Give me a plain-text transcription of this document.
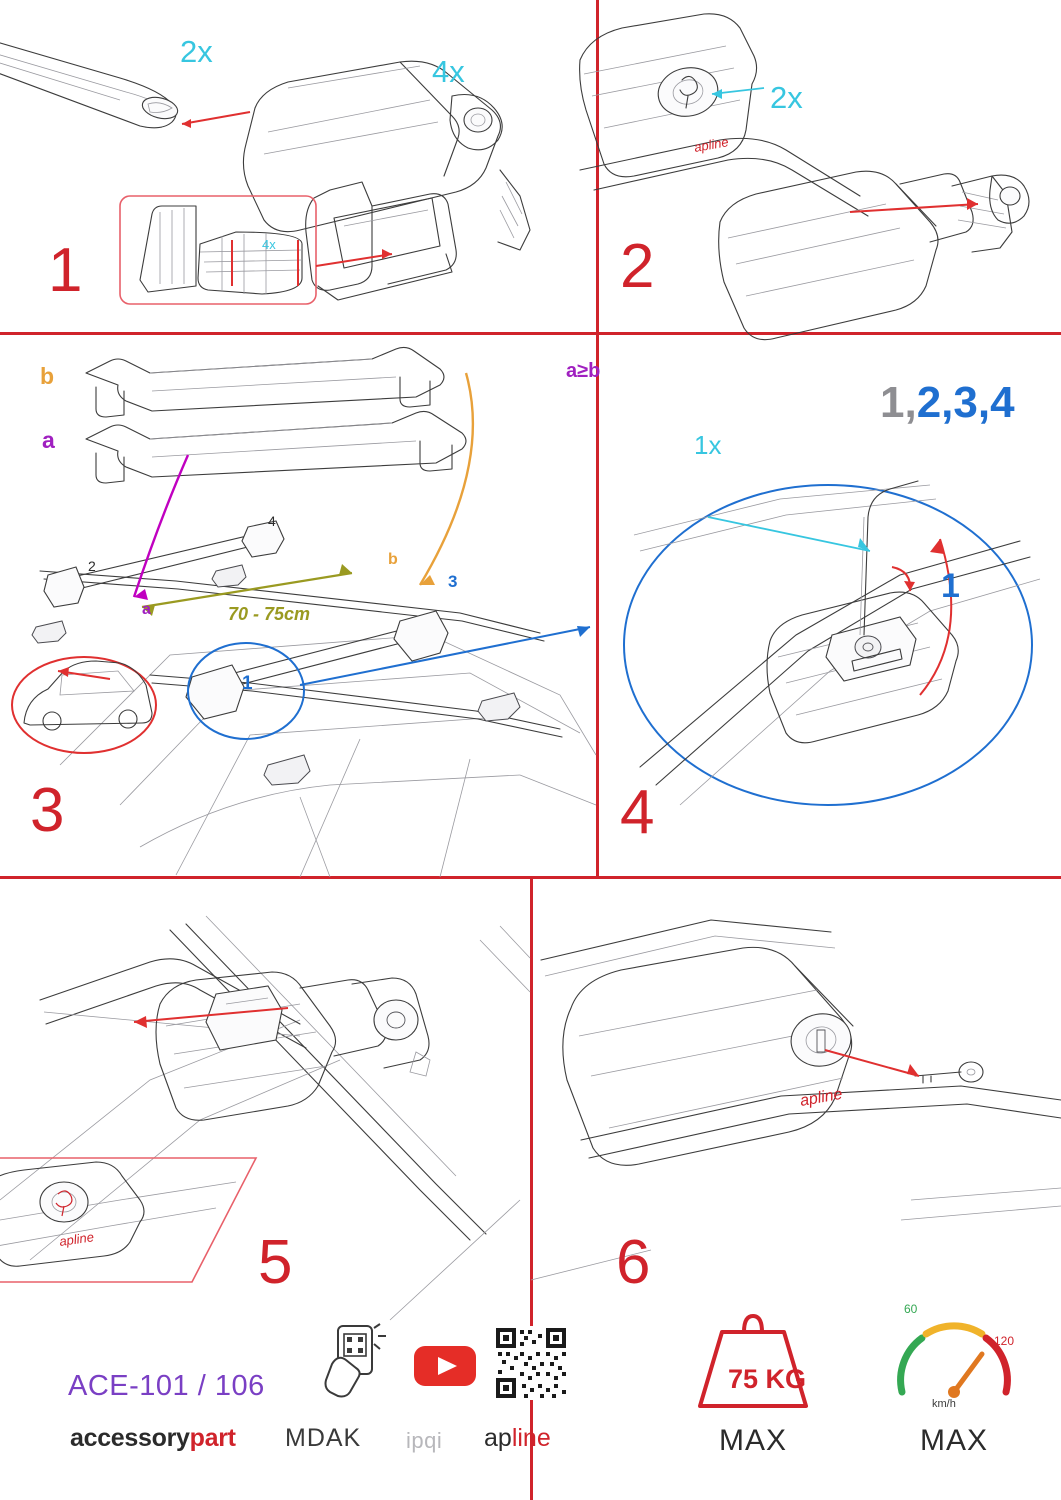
2x
4x
4x
1
apline
2x
2
b
a
a
b
70 - 75cm
1
2
3
4
3
a≥b
1x
1
1,2,3,4
4
apline	5
apline
6
ACE-101 / 106
accessorypart MDAK ipqi apline
75 KG
MAX
60
120
km/h
MAX
